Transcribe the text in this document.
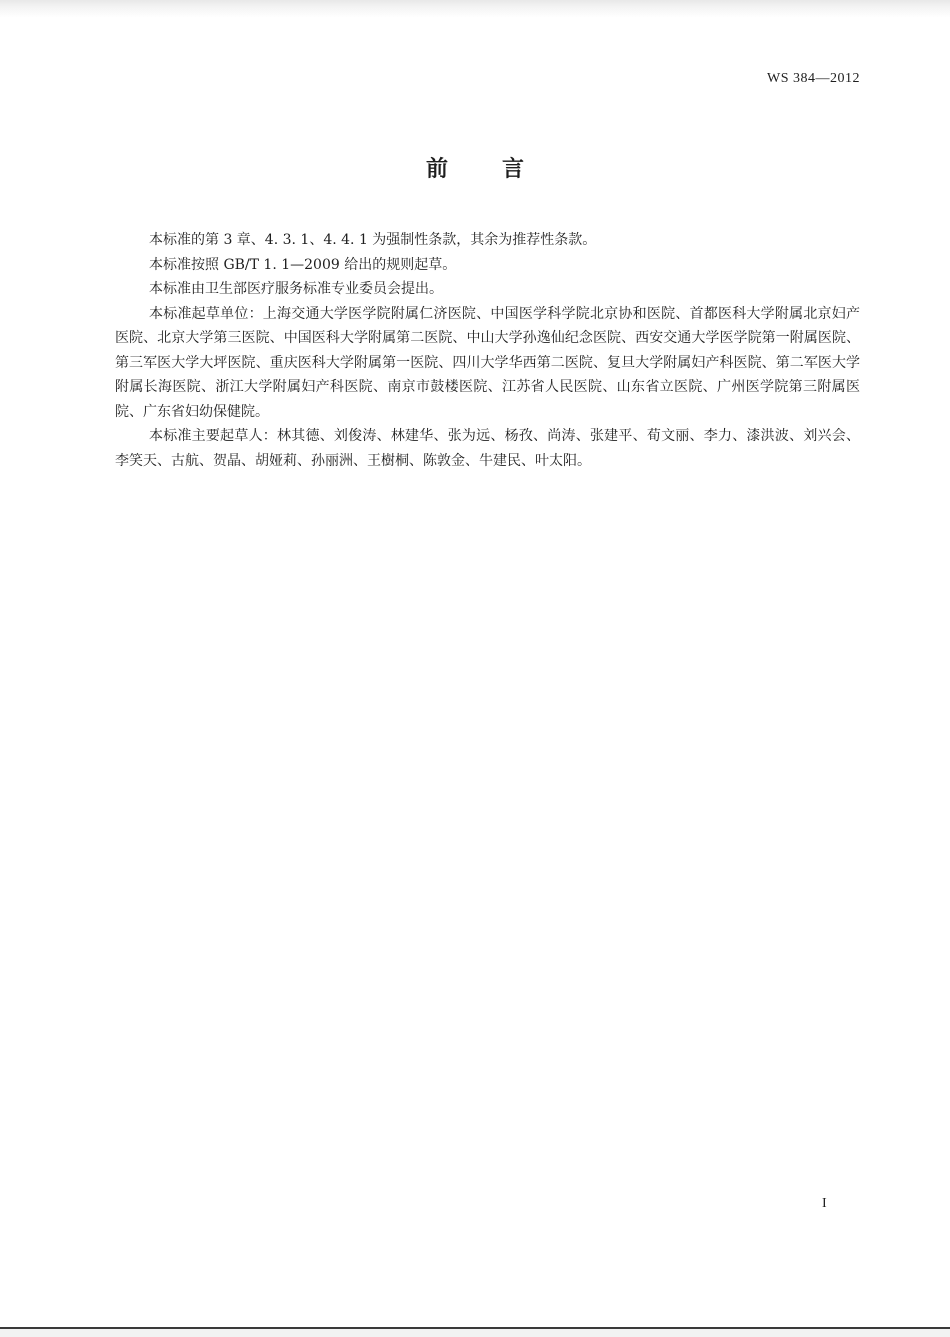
WS 384—2012
前 言

本标准的第 3 章、4. 3. 1、4. 4. 1 为强制性条款，其余为推荐性条款。

本标准按照 GB/T 1. 1—2009 给出的规则起草。

本标准由卫生部医疗服务标准专业委员会提出。

本标准起草单位：上海交通大学医学院附属仁济医院、中国医学科学院北京协和医院、首都医科大学附属北京妇产医院、北京大学第三医院、中国医科大学附属第二医院、中山大学孙逸仙纪念医院、西安交通大学医学院第一附属医院、第三军医大学大坪医院、重庆医科大学附属第一医院、四川大学华西第二医院、复旦大学附属妇产科医院、第二军医大学附属长海医院、浙江大学附属妇产科医院、南京市鼓楼医院、江苏省人民医院、山东省立医院、广州医学院第三附属医院、广东省妇幼保健院。

本标准主要起草人：林其德、刘俊涛、林建华、张为远、杨孜、尚涛、张建平、荀文丽、李力、漆洪波、刘兴会、李笑天、古航、贺晶、胡娅莉、孙丽洲、王樹桐、陈敦金、牛建民、叶太阳。

I
